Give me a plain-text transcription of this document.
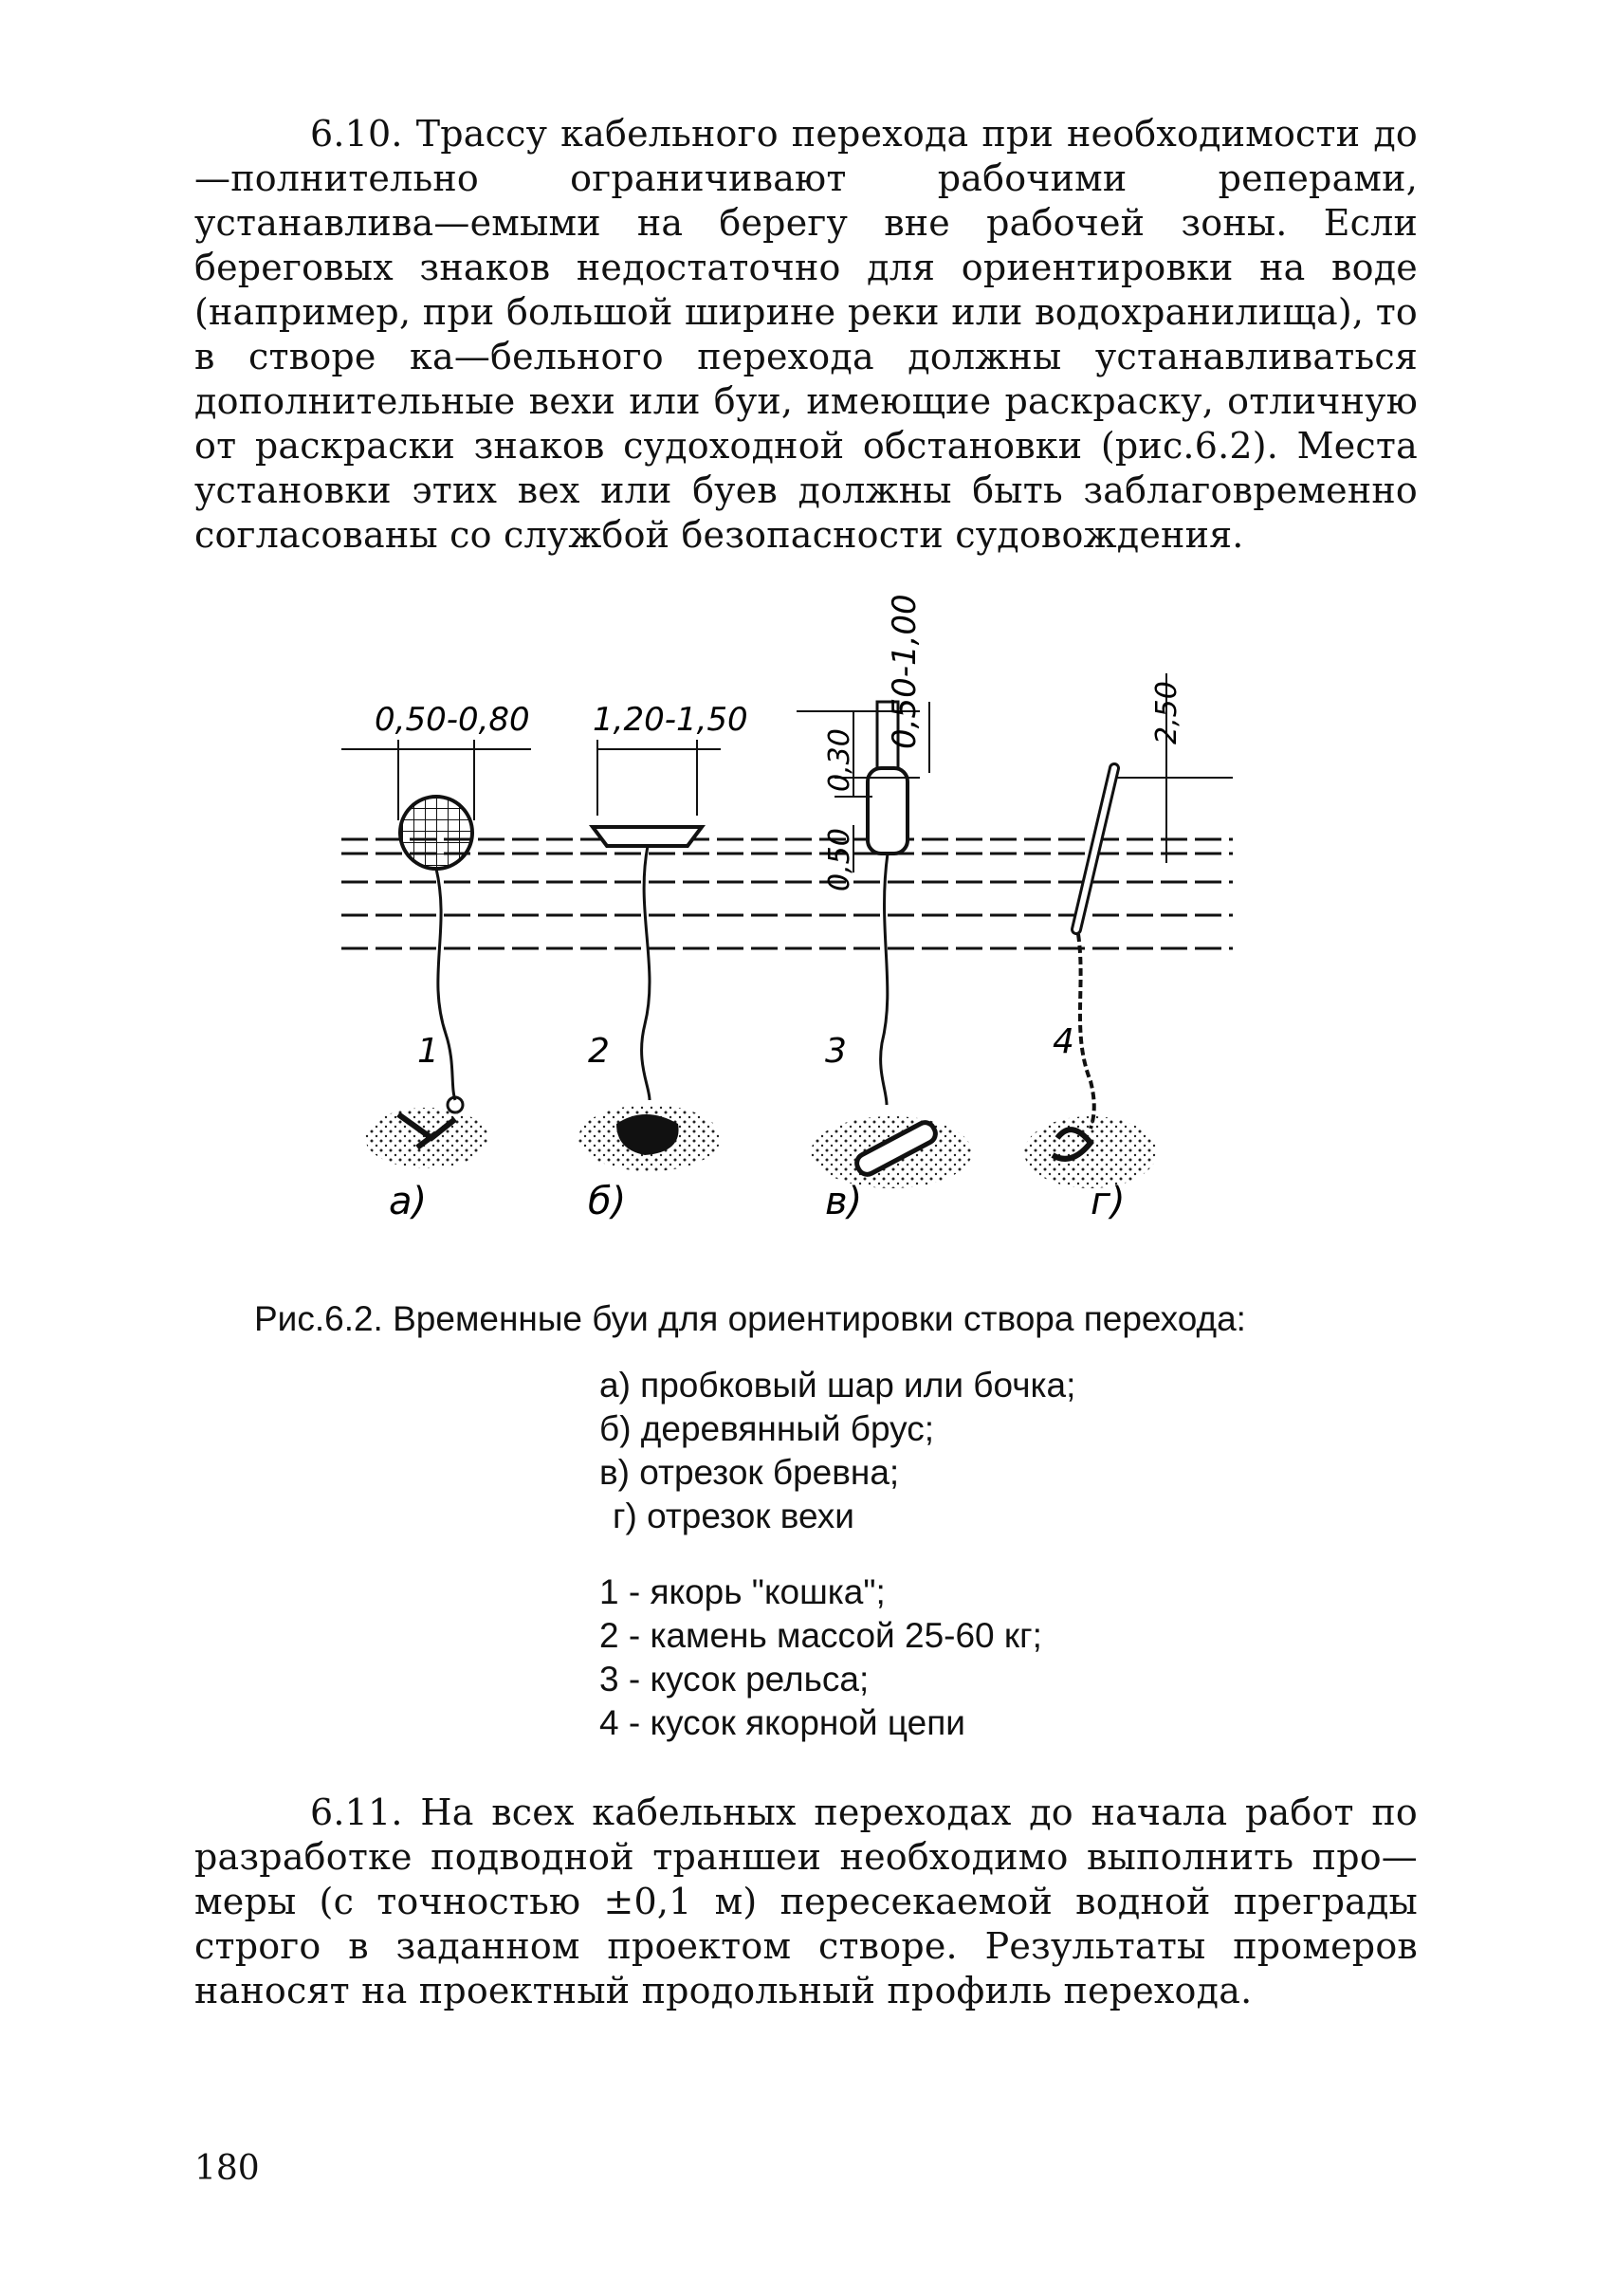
6.10. Трассу кабельного перехода при необходимости до—полнительно ограничивают рабочими реперами, устанавлива—емыми на берегу вне рабочей зоны. Если береговых знаков недостаточно для ориентировки на воде (например, при большой ширине реки или водохранилища), то в створе ка—бельного перехода должны устанавливаться дополнительные вехи или буи, имеющие раскраску, отличную от раскраски знаков судоходной обстановки (рис.6.2). Места установки этих вех или буев должны быть заблаговременно согласованы со службой безопасности судовождения.

0,50-0,80 1,20-1,50	0,50-1,00
0,30
0,50
2,50
1	2	3	4
а)	б)	в)	г)

Рис.6.2. Временные буи для ориентировки створа перехода:

а) пробковый шар или бочка;
б) деревянный брус;
в) отрезок бревна;
г) отрезок вехи
1 - якорь "кошка";
2 - камень массой 25-60 кг;
3 - кусок рельса;
4 - кусок якорной цепи

6.11. На всех кабельных переходах до начала работ по разработке подводной траншеи необходимо выполнить про—меры (с точностью ±0,1 м) пересекаемой водной преграды строго в заданном проектом створе. Результаты промеров наносят на проектный продольный профиль перехода.

180
